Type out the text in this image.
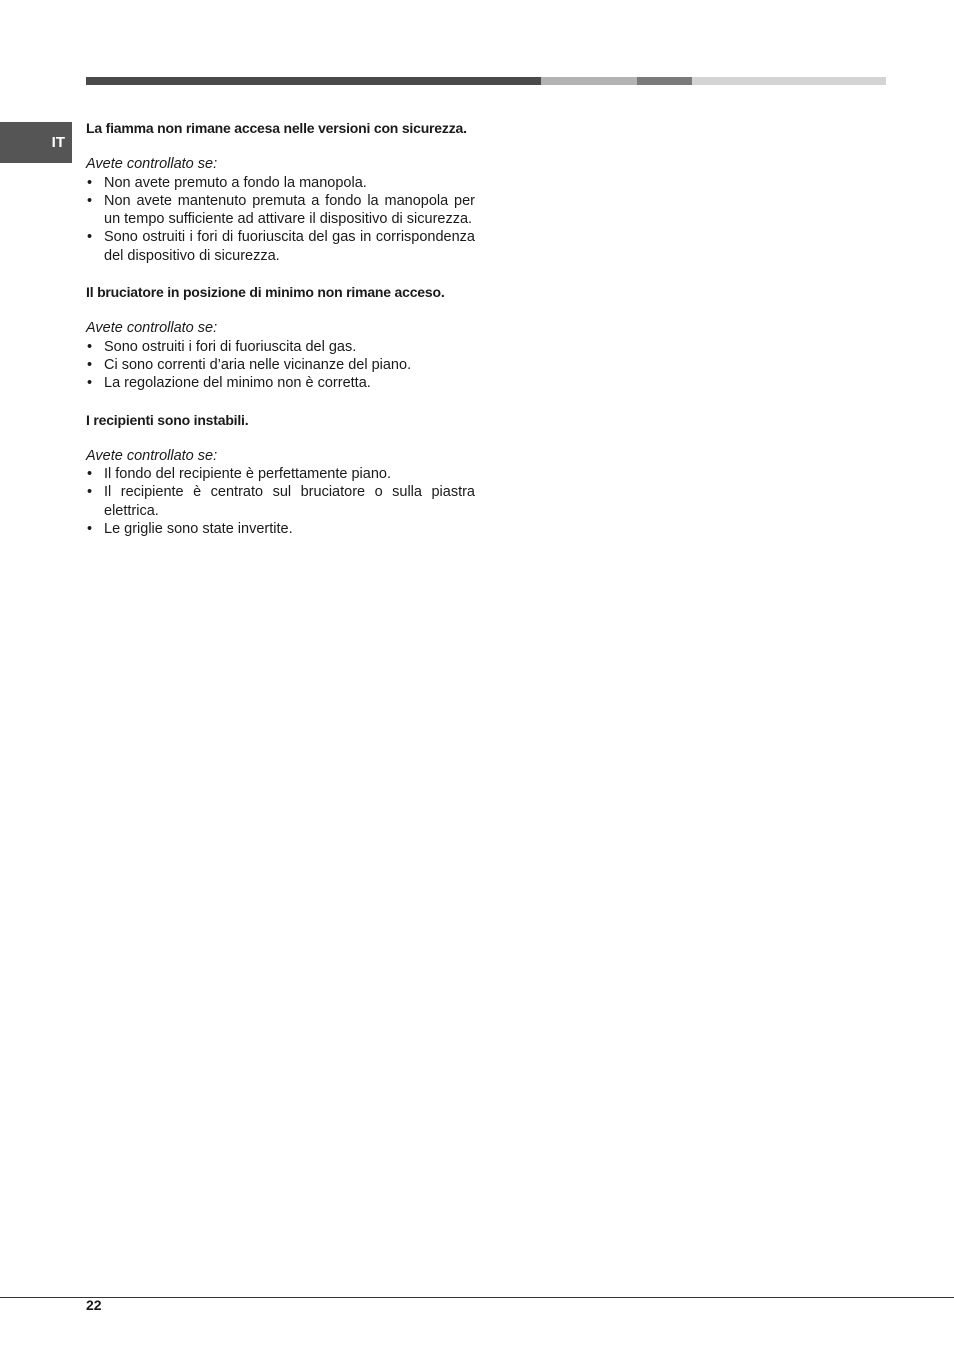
IT

La fiamma non rimane accesa nelle versioni con sicurezza.

Avete controllato se:

• Non avete premuto a fondo la manopola.
• Non avete mantenuto premuta a fondo la manopola per un tempo sufficiente ad attivare il dispositivo di sicurezza.
• Sono ostruiti i fori di fuoriuscita del gas in corrispondenza del dispositivo di sicurezza.

Il bruciatore in posizione di minimo non rimane acceso.

Avete controllato se:

• Sono ostruiti i fori di fuoriuscita del gas.
• Ci sono correnti d’aria nelle vicinanze del piano.
• La regolazione del minimo non è corretta.

I recipienti sono instabili.

Avete controllato se:

• Il fondo del recipiente è perfettamente piano.
• Il recipiente è centrato sul bruciatore o sulla piastra elettrica.
• Le griglie sono state invertite.
22
